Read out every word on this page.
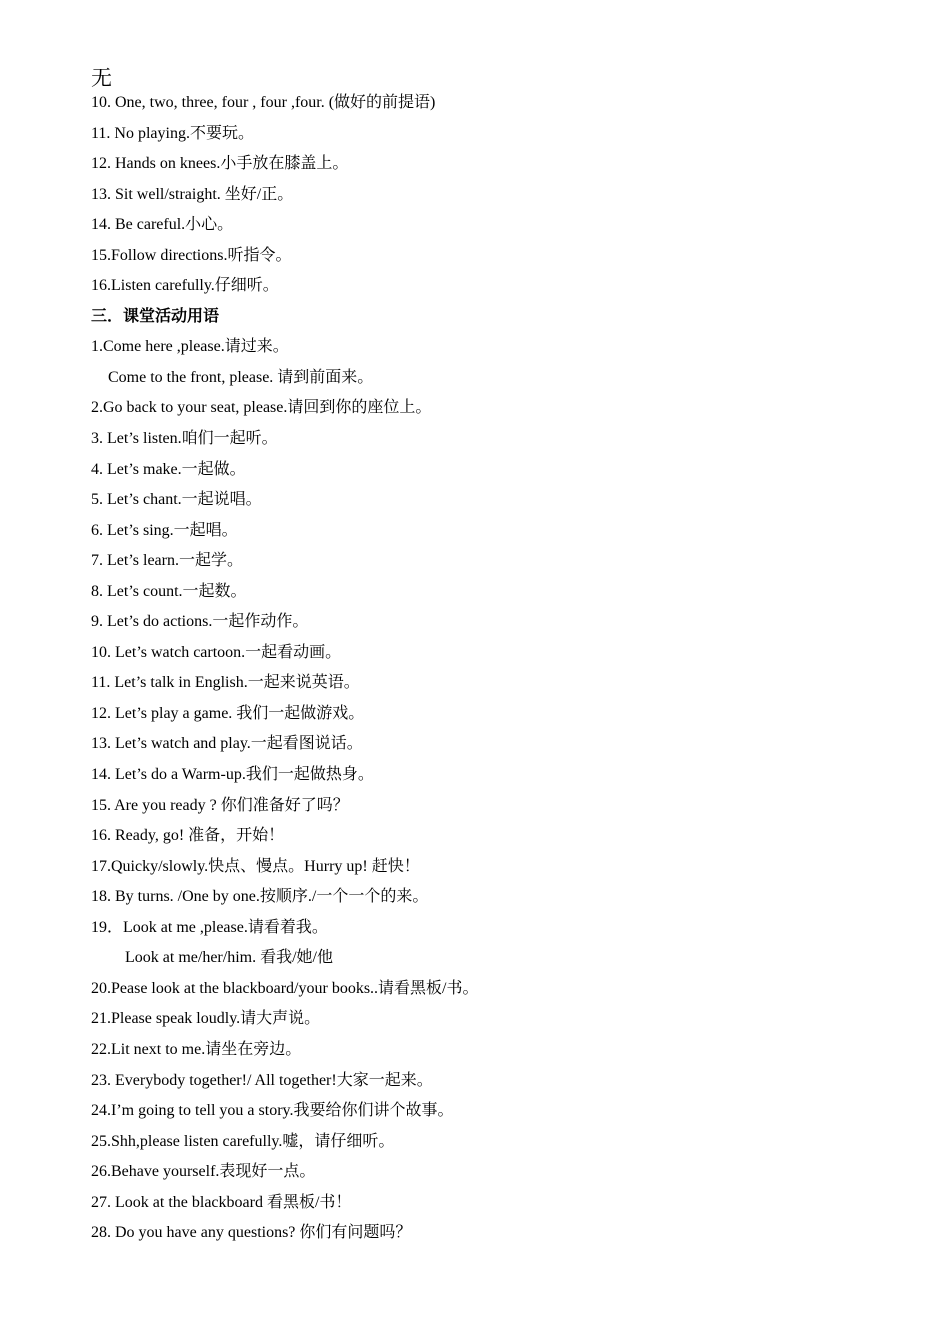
无
10. One, two, three, four , four ,four. (做好的前提语)
11. No playing.不要玩。
12. Hands on knees.小手放在膝盖上。
13. Sit well/straight. 坐好/正。
14. Be careful.小心。
15.Follow directions.听指令。
16.Listen carefully.仔细听。
三．课堂活动用语
1.Come here ,please.请过来。
Come to the front, please. 请到前面来。
2.Go back to your seat, please.请回到你的座位上。
3. Let’s listen.咱们一起听。
4. Let’s make.一起做。
5. Let’s chant.一起说唱。
6. Let’s sing.一起唱。
7. Let’s learn.一起学。
8. Let’s count.一起数。
9. Let’s do actions.一起作动作。
10. Let’s watch cartoon.一起看动画。
11. Let’s talk in English.一起来说英语。
12. Let’s play a game. 我们一起做游戏。
13. Let’s watch and play.一起看图说话。
14. Let’s do a Warm-up.我们一起做热身。
15. Are you ready ? 你们准备好了吗？
16. Ready, go! 准备，开始！
17.Quicky/slowly.快点、慢点。Hurry up! 赶快！
18. By turns. /One by one.按顺序./一个一个的来。
19．Look at me ,please.请看着我。
Look at me/her/him. 看我/她/他
20.Pease look at the blackboard/your books..请看黑板/书。
21.Please speak loudly.请大声说。
22.Lit next to me.请坐在旁边。
23. Everybody together!/ All together!大家一起来。
24.I’m going to tell you a story.我要给你们讲个故事。
25.Shh,please listen carefully.嘘，请仔细听。
26.Behave yourself.表现好一点。
27. Look at the blackboard 看黑板/书！
28. Do you have any questions? 你们有问题吗？
